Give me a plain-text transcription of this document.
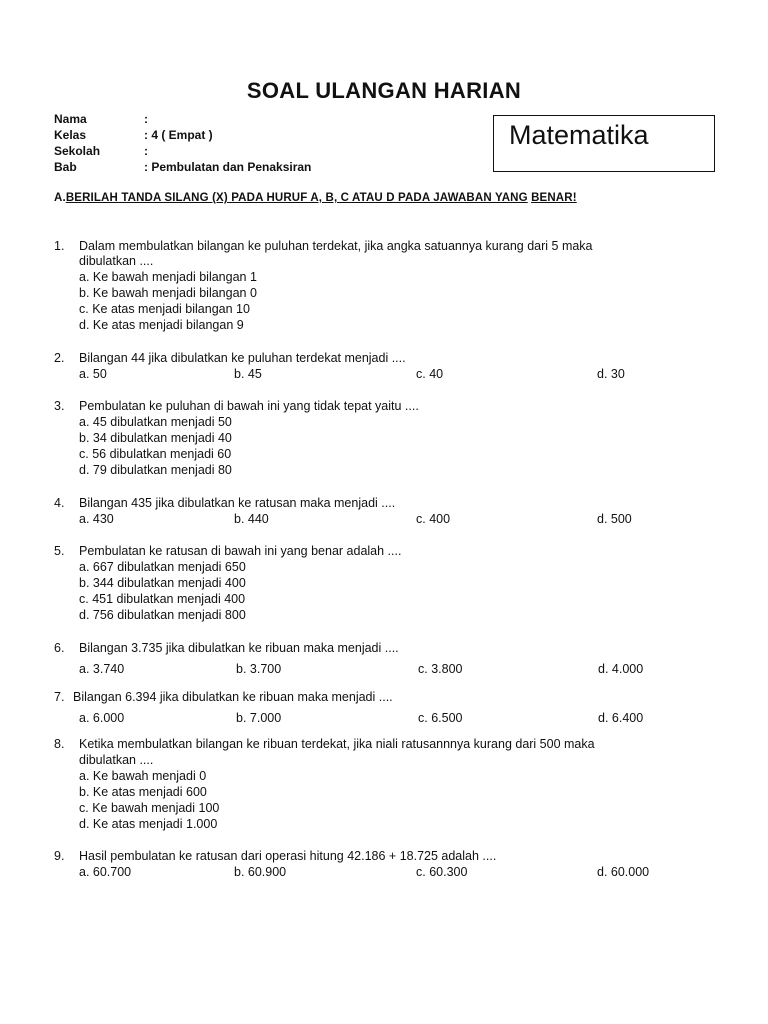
SOAL ULANGAN HARIAN
Nama	:
Kelas	: 4 ( Empat )
Sekolah	:
Bab	: Pembulatan dan Penaksiran
Matematika
A.BERILAH TANDA SILANG (X) PADA HURUF A, B, C ATAU D PADA JAWABAN YANG BENAR!
1. Dalam membulatkan bilangan ke puluhan terdekat, jika angka satuannya kurang dari 5 maka
dibulatkan ....
a. Ke bawah menjadi bilangan 1
b. Ke bawah menjadi bilangan 0
c. Ke atas menjadi bilangan 10
d. Ke atas menjadi bilangan 9
2. Bilangan 44 jika dibulatkan ke puluhan terdekat menjadi ....
a. 50	b. 45	c. 40	d. 30
3. Pembulatan ke puluhan di bawah ini yang tidak tepat yaitu ....
a. 45 dibulatkan menjadi 50
b. 34 dibulatkan menjadi 40
c. 56 dibulatkan menjadi 60
d. 79 dibulatkan menjadi 80
4. Bilangan 435 jika dibulatkan ke ratusan maka menjadi ....
a. 430	b. 440	c. 400	d. 500
5. Pembulatan ke ratusan di bawah ini yang benar adalah ....
a. 667 dibulatkan menjadi 650
b. 344 dibulatkan menjadi 400
c. 451 dibulatkan menjadi 400
d. 756 dibulatkan menjadi 800
6. Bilangan 3.735 jika dibulatkan ke ribuan maka menjadi ....
a. 3.740	b. 3.700	c. 3.800	d. 4.000
7. Bilangan 6.394 jika dibulatkan ke ribuan maka menjadi ....
a. 6.000	b. 7.000	c. 6.500	d. 6.400
8. Ketika membulatkan bilangan ke ribuan terdekat, jika niali ratusannnya kurang dari 500 maka
dibulatkan ....
a. Ke bawah menjadi 0
b. Ke atas menjadi 600
c. Ke bawah menjadi 100
d. Ke atas menjadi 1.000
9. Hasil pembulatan ke ratusan dari operasi hitung 42.186 + 18.725 adalah ....
a. 60.700	b. 60.900	c. 60.300	d. 60.000
